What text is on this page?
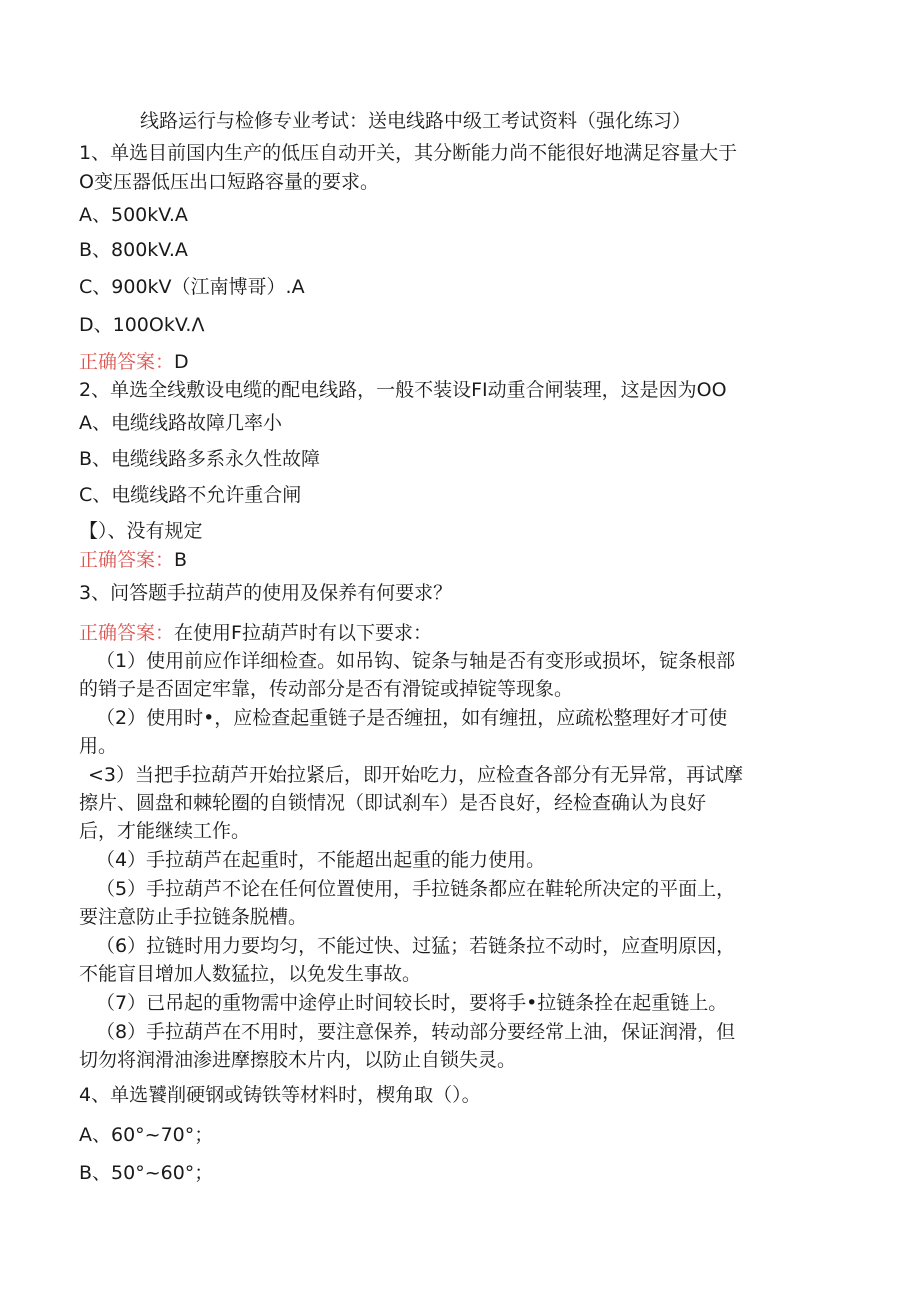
线路运行与检修专业考试：送电线路中级工考试资料（强化练习）
1、单选目前国内生产的低压自动开关，其分断能力尚不能很好地满足容量大于
O变压器低压出口短路容量的要求。
A、500kV.A
B、800kV.A
C、900kV（江南博哥）.A
D、100OkV.Λ
正确答案：D
2、单选全线敷设电缆的配电线路，一般不装设FI动重合闸装理，这是因为OO
A、电缆线路故障几率小
B、电缆线路多系永久性故障
C、电缆线路不允许重合闸
【）、没有规定
正确答案：B
3、问答题手拉葫芦的使用及保养有何要求？
正确答案：在使用F拉葫芦时有以下要求：
（1）使用前应作详细检查。如吊钩、锭条与轴是否有变形或损坏，锭条根部
的销子是否固定牢靠，传动部分是否有滑锭或掉锭等现象。
（2）使用时•，应检查起重链子是否缠扭，如有缠扭，应疏松整理好才可使
用。
<3）当把手拉葫芦开始拉紧后，即开始吃力，应检查各部分有无异常，再试摩
擦片、圆盘和棘轮圈的自锁情况（即试刹车）是否良好，经检查确认为良好
后，才能继续工作。
（4）手拉葫芦在起重时，不能超出起重的能力使用。
（5）手拉葫芦不论在任何位置使用，手拉链条都应在鞋轮所决定的平面上，
要注意防止手拉链条脱槽。
（6）拉链时用力要均匀，不能过快、过猛；若链条拉不动时，应查明原因，
不能盲目增加人数猛拉，以免发生事故。
（7）已吊起的重物需中途停止时间较长时，要将手•拉链条拴在起重链上。
（8）手拉葫芦在不用时，要注意保养，转动部分要经常上油，保证润滑，但
切勿将润滑油渗进摩擦胶木片内，以防止自锁失灵。
4、单选饕削硬钢或铸铁等材料时，楔角取（）。
A、60°~70°；
B、50°~60°；
